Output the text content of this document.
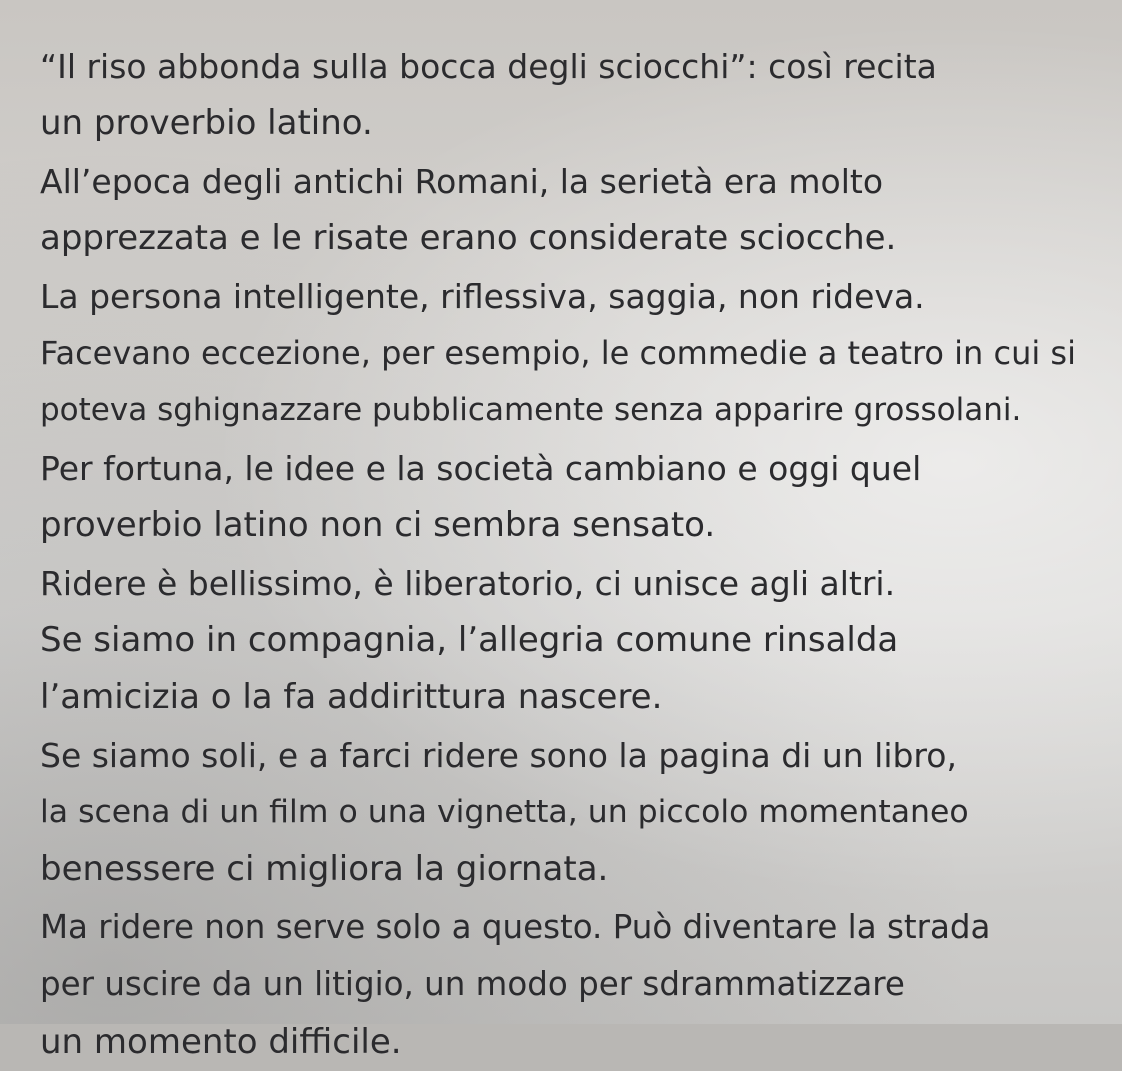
“Il riso abbonda sulla bocca degli sciocchi”: così recita
un proverbio latino.
All’epoca degli antichi Romani, la serietà era molto
apprezzata e le risate erano considerate sciocche.
La persona intelligente, riflessiva, saggia, non rideva.
Facevano eccezione, per esempio, le commedie a teatro in cui si
poteva sghignazzare pubblicamente senza apparire grossolani.
Per fortuna, le idee e la società cambiano e oggi quel
proverbio latino non ci sembra sensato.
Ridere è bellissimo, è liberatorio, ci unisce agli altri.
Se siamo in compagnia, l’allegria comune rinsalda
l’amicizia o la fa addirittura nascere.
Se siamo soli, e a farci ridere sono la pagina di un libro,
la scena di un film o una vignetta, un piccolo momentaneo
benessere ci migliora la giornata.
Ma ridere non serve solo a questo. Può diventare la strada
per uscire da un litigio, un modo per sdrammatizzare
un momento difficile.
